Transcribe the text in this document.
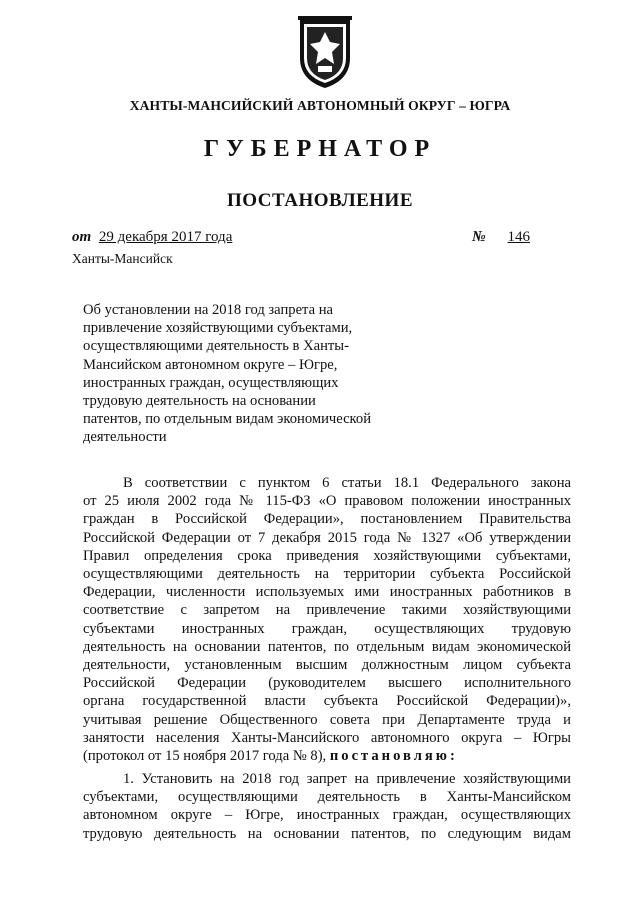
ХАНТЫ-МАНСИЙСКИЙ АВТОНОМНЫЙ ОКРУГ – ЮГРА
ГУБЕРНАТОР
ПОСТАНОВЛЕНИЕ
от 29 декабря 2017 года	№ 146
Ханты-Мансийск
Об установлении на 2018 год запрета на
привлечение хозяйствующими субъектами,
осуществляющими деятельность в Ханты-
Мансийском автономном округе – Югре,
иностранных граждан, осуществляющих
трудовую деятельность на основании
патентов, по отдельным видам экономической
деятельности
В соответствии с пунктом 6 статьи 18.1 Федерального закона
от 25 июля 2002 года № 115-ФЗ «О правовом положении иностранных
граждан в Российской Федерации», постановлением Правительства
Российской Федерации от 7 декабря 2015 года № 1327 «Об утверждении
Правил определения срока приведения хозяйствующими субъектами,
осуществляющими деятельность на территории субъекта Российской
Федерации, численности используемых ими иностранных работников в
соответствие с запретом на привлечение такими хозяйствующими
субъектами иностранных граждан, осуществляющих трудовую
деятельность на основании патентов, по отдельным видам экономической
деятельности, установленным высшим должностным лицом субъекта
Российской Федерации (руководителем высшего исполнительного
органа государственной власти субъекта Российской Федерации)»,
учитывая решение Общественного совета при Департаменте труда и
занятости населения Ханты-Мансийского автономного округа – Югры
(протокол от 15 ноября 2017 года № 8), постановляю:
1. Установить на 2018 год запрет на привлечение хозяйствующими
субъектами, осуществляющими деятельность в Ханты-Мансийском
автономном округе – Югре, иностранных граждан, осуществляющих
трудовую деятельность на основании патентов, по следующим видам
